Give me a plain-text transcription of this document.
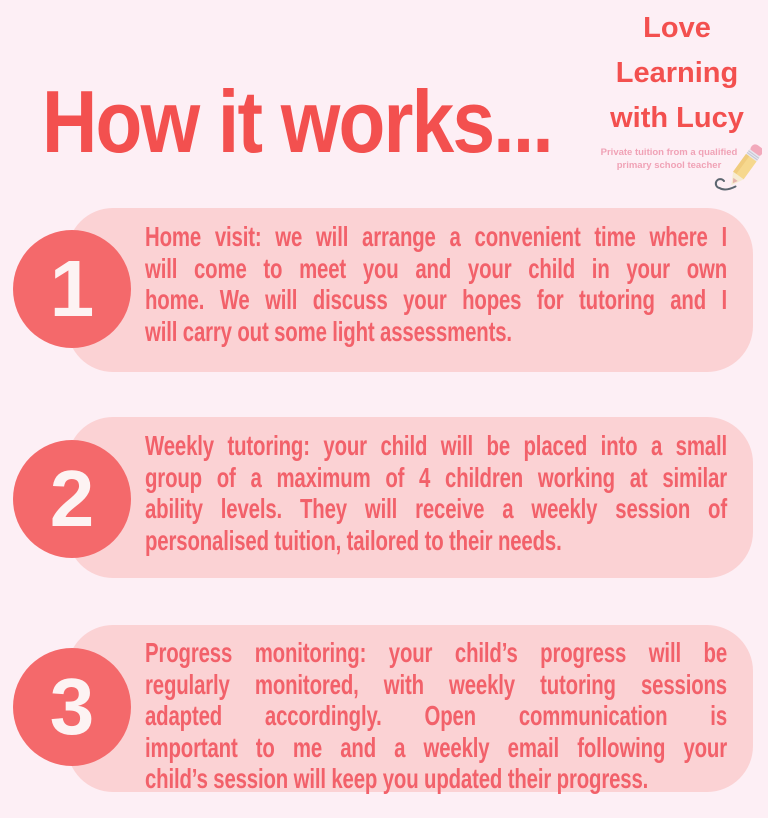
How it works...
Love
Learning
with Lucy
Private tuition from a qualified
primary school teacher
1
Home visit: we will arrange a convenient time where I
will come to meet you and your child in your own
home. We will discuss your hopes for tutoring and I
will carry out some light assessments.
2
Weekly tutoring: your child will be placed into a small
group of a maximum of 4 children working at similar
ability levels. They will receive a weekly session of
personalised tuition, tailored to their needs.
3
Progress monitoring: your child’s progress will be
regularly monitored, with weekly tutoring sessions
adapted accordingly. Open communication is
important to me and a weekly email following your
child’s session will keep you updated their progress.
